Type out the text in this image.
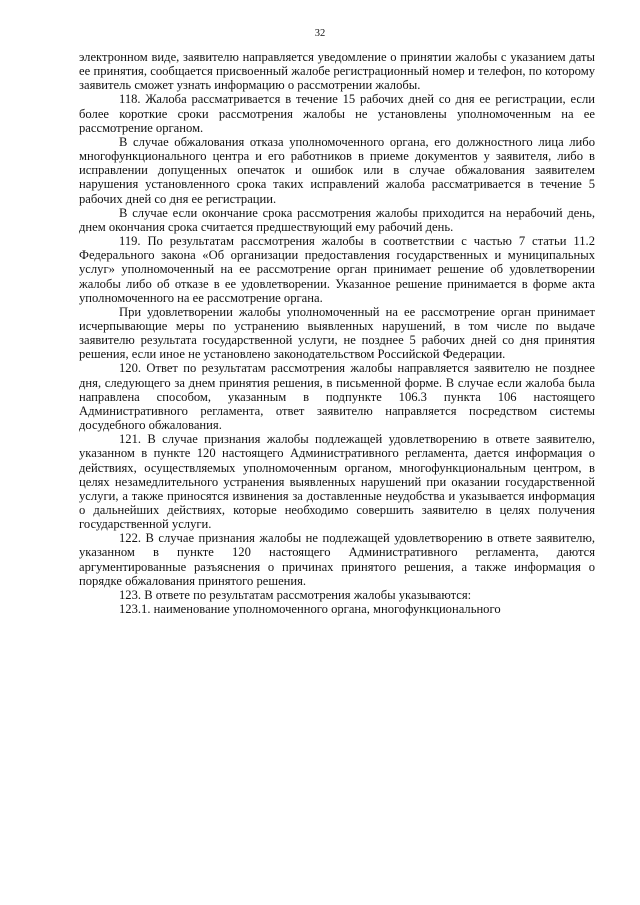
32

электронном виде, заявителю направляется уведомление о принятии жалобы с указанием даты ее принятия, сообщается присвоенный жалобе регистрационный номер и телефон, по которому заявитель сможет узнать информацию о рассмотрении жалобы.

118. Жалоба рассматривается в течение 15 рабочих дней со дня ее регистрации, если более короткие сроки рассмотрения жалобы не установлены уполномоченным на ее рассмотрение органом.

В случае обжалования отказа уполномоченного органа, его должностного лица либо многофункционального центра и его работников в приеме документов у заявителя, либо в исправлении допущенных опечаток и ошибок или в случае обжалования заявителем нарушения установленного срока таких исправлений жалоба рассматривается в течение 5 рабочих дней со дня ее регистрации.

В случае если окончание срока рассмотрения жалобы приходится на нерабочий день, днем окончания срока считается предшествующий ему рабочий день.

119. По результатам рассмотрения жалобы в соответствии с частью 7 статьи 11.2 Федерального закона «Об организации предоставления государственных и муниципальных услуг» уполномоченный на ее рассмотрение орган принимает решение об удовлетворении жалобы либо об отказе в ее удовлетворении. Указанное решение принимается в форме акта уполномоченного на ее рассмотрение органа.

При удовлетворении жалобы уполномоченный на ее рассмотрение орган принимает исчерпывающие меры по устранению выявленных нарушений, в том числе по выдаче заявителю результата государственной услуги, не позднее 5 рабочих дней со дня принятия решения, если иное не установлено законодательством Российской Федерации.

120. Ответ по результатам рассмотрения жалобы направляется заявителю не позднее дня, следующего за днем принятия решения, в письменной форме. В случае если жалоба была направлена способом, указанным в подпункте 106.3 пункта 106 настоящего Административного регламента, ответ заявителю направляется посредством системы досудебного обжалования.

121. В случае признания жалобы подлежащей удовлетворению в ответе заявителю, указанном в пункте 120 настоящего Административного регламента, дается информация о действиях, осуществляемых уполномоченным органом, многофункциональным центром, в целях незамедлительного устранения выявленных нарушений при оказании государственной услуги, а также приносятся извинения за доставленные неудобства и указывается информация о дальнейших действиях, которые необходимо совершить заявителю в целях получения государственной услуги.

122. В случае признания жалобы не подлежащей удовлетворению в ответе заявителю, указанном в пункте 120 настоящего Административного регламента, даются аргументированные разъяснения о причинах принятого решения, а также информация о порядке обжалования принятого решения.

123. В ответе по результатам рассмотрения жалобы указываются:

123.1. наименование уполномоченного органа, многофункционального
